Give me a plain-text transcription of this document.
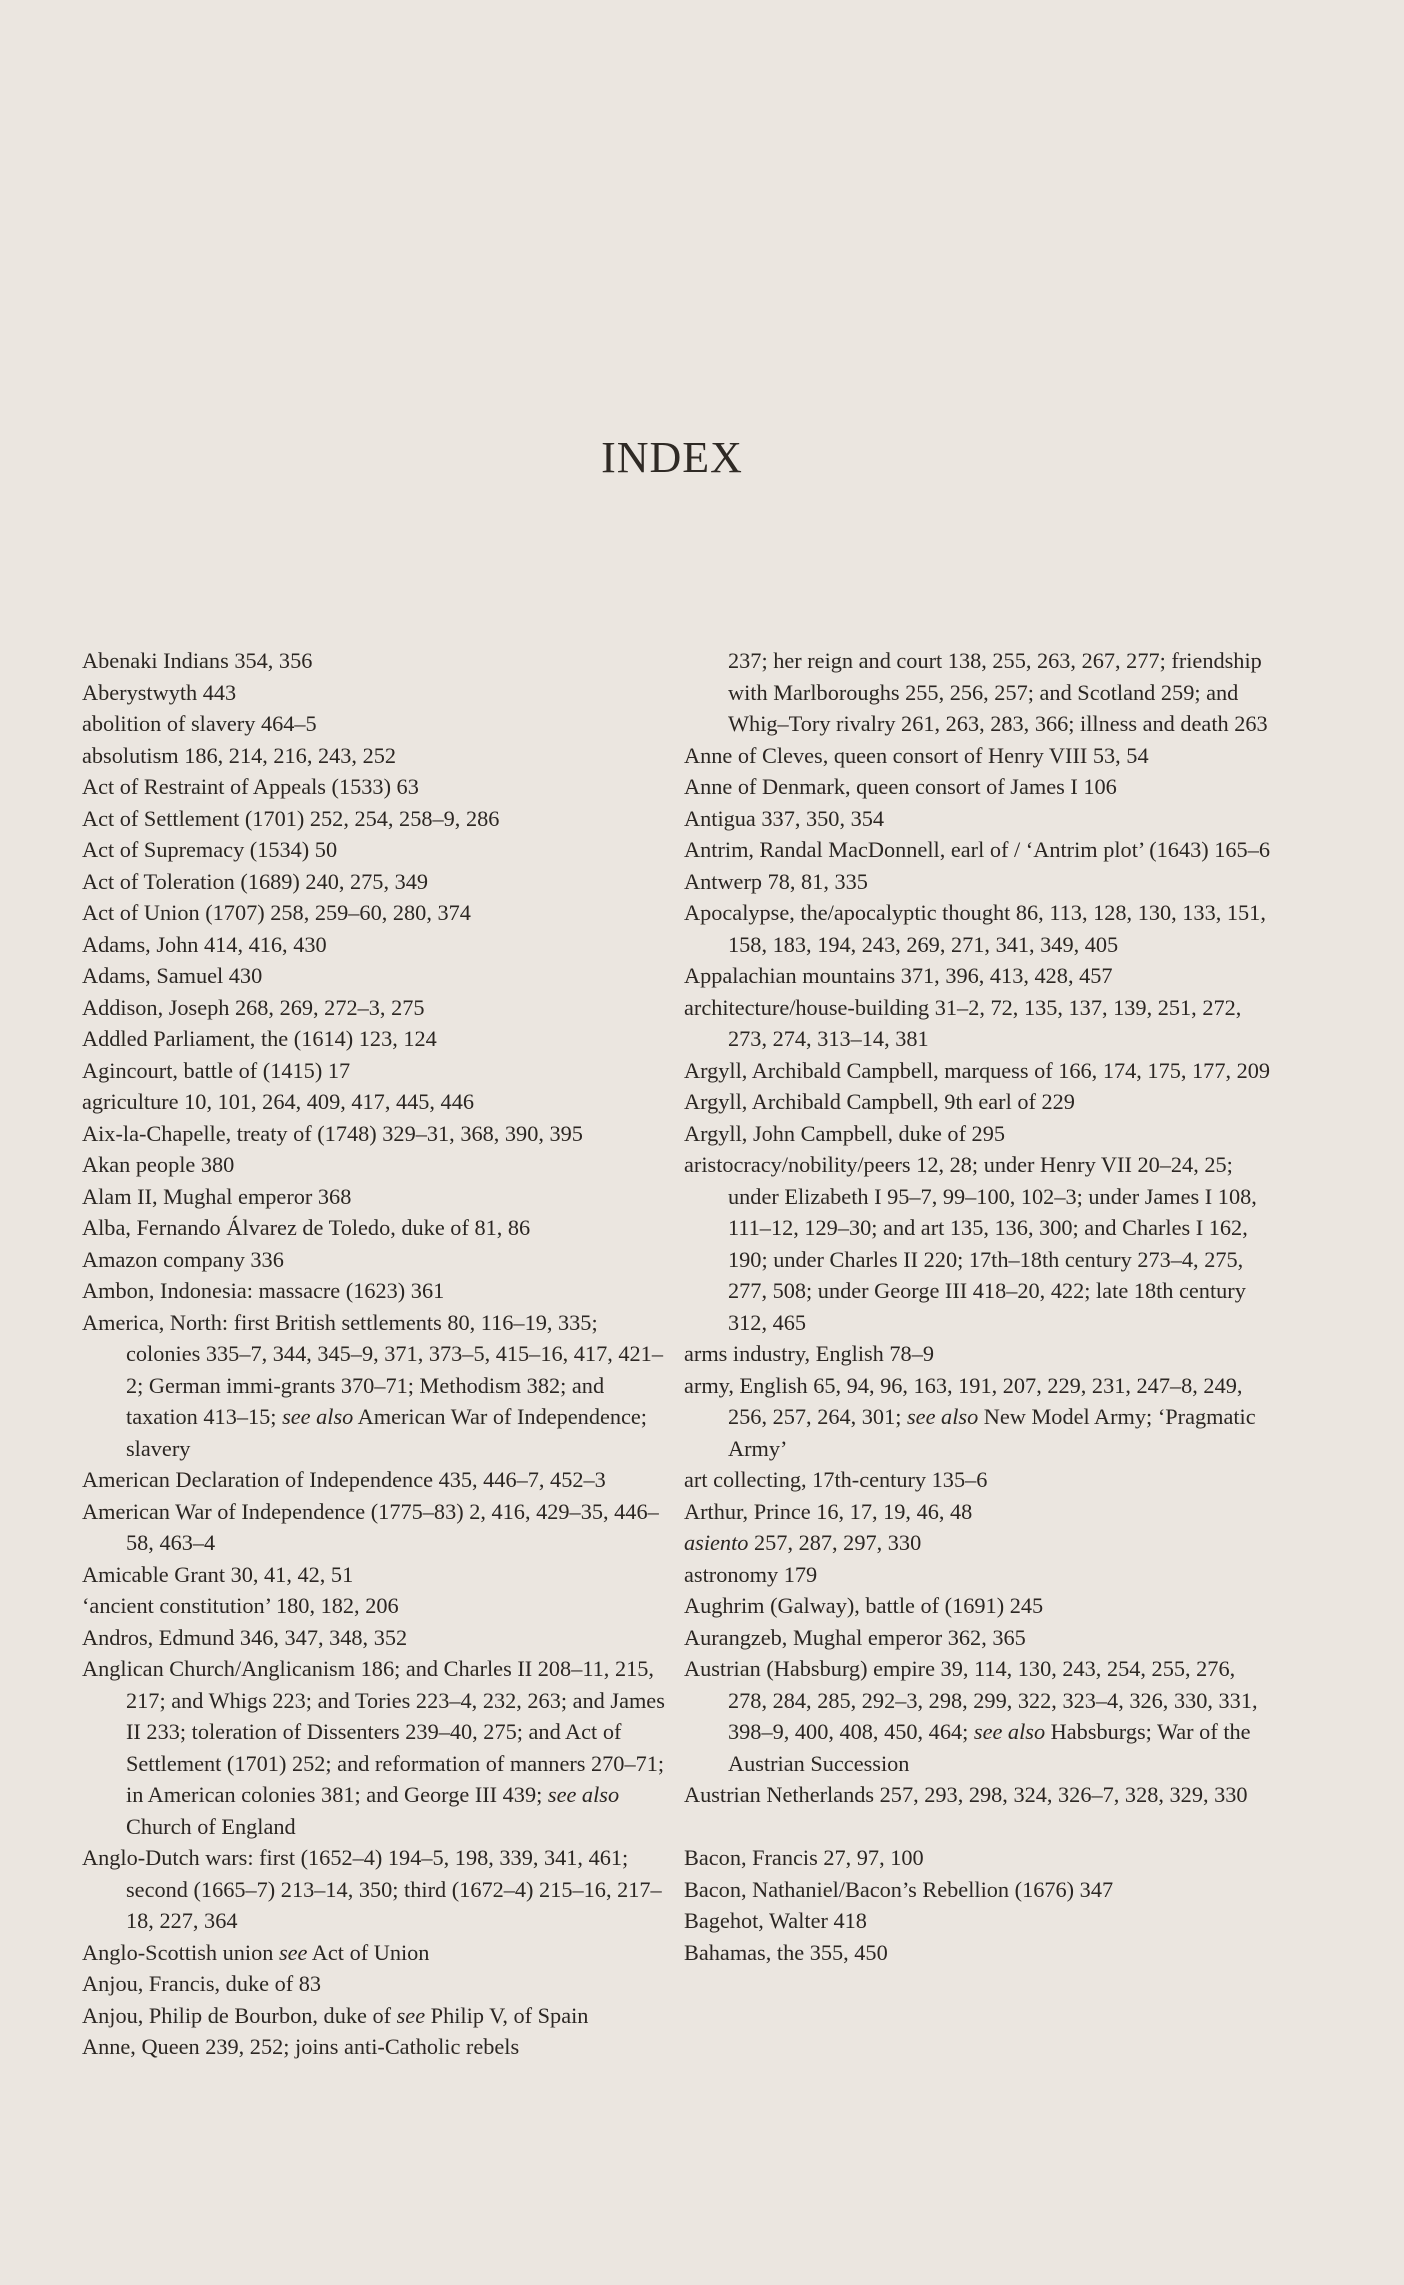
INDEX

Abenaki Indians 354, 356

Aberystwyth 443

abolition of slavery 464–5

absolutism 186, 214, 216, 243, 252

Act of Restraint of Appeals (1533) 63

Act of Settlement (1701) 252, 254, 258–9, 286

Act of Supremacy (1534) 50

Act of Toleration (1689) 240, 275, 349

Act of Union (1707) 258, 259–60, 280, 374

Adams, John 414, 416, 430

Adams, Samuel 430

Addison, Joseph 268, 269, 272–3, 275

Addled Parliament, the (1614) 123, 124

Agincourt, battle of (1415) 17

agriculture 10, 101, 264, 409, 417, 445, 446

Aix-la-Chapelle, treaty of (1748) 329–31, 368, 390, 395

Akan people 380

Alam II, Mughal emperor 368

Alba, Fernando Álvarez de Toledo, duke of 81, 86

Amazon company 336

Ambon, Indonesia: massacre (1623) 361

America, North: first British settlements 80, 116–19, 335; colonies 335–7, 344, 345–9, 371, 373–5, 415–16, 417, 421–2; German immi-grants 370–71; Methodism 382; and taxation 413–15; see also American War of Independence; slavery

American Declaration of Independence 435, 446–7, 452–3

American War of Independence (1775–83) 2, 416, 429–35, 446–58, 463–4

Amicable Grant 30, 41, 42, 51

‘ancient constitution’ 180, 182, 206

Andros, Edmund 346, 347, 348, 352

Anglican Church/Anglicanism 186; and Charles II 208–11, 215, 217; and Whigs 223; and Tories 223–4, 232, 263; and James II 233; toleration of Dissenters 239–40, 275; and Act of Settlement (1701) 252; and reformation of manners 270–71; in American colonies 381; and George III 439; see also Church of England

Anglo-Dutch wars: first (1652–4) 194–5, 198, 339, 341, 461; second (1665–7) 213–14, 350; third (1672–4) 215–16, 217–18, 227, 364

Anglo-Scottish union see Act of Union

Anjou, Francis, duke of 83

Anjou, Philip de Bourbon, duke of see Philip V, of Spain

Anne, Queen 239, 252; joins anti-Catholic rebels

237; her reign and court 138, 255, 263, 267, 277; friendship with Marlboroughs 255, 256, 257; and Scotland 259; and Whig–Tory rivalry 261, 263, 283, 366; illness and death 263

Anne of Cleves, queen consort of Henry VIII 53, 54

Anne of Denmark, queen consort of James I 106

Antigua 337, 350, 354

Antrim, Randal MacDonnell, earl of / ‘Antrim plot’ (1643) 165–6

Antwerp 78, 81, 335

Apocalypse, the/apocalyptic thought 86, 113, 128, 130, 133, 151, 158, 183, 194, 243, 269, 271, 341, 349, 405

Appalachian mountains 371, 396, 413, 428, 457

architecture/house-building 31–2, 72, 135, 137, 139, 251, 272, 273, 274, 313–14, 381

Argyll, Archibald Campbell, marquess of 166, 174, 175, 177, 209

Argyll, Archibald Campbell, 9th earl of 229

Argyll, John Campbell, duke of 295

aristocracy/nobility/peers 12, 28; under Henry VII 20–24, 25; under Elizabeth I 95–7, 99–100, 102–3; under James I 108, 111–12, 129–30; and art 135, 136, 300; and Charles I 162, 190; under Charles II 220; 17th–18th century 273–4, 275, 277, 508; under George III 418–20, 422; late 18th century 312, 465

arms industry, English 78–9

army, English 65, 94, 96, 163, 191, 207, 229, 231, 247–8, 249, 256, 257, 264, 301; see also New Model Army; ‘Pragmatic Army’

art collecting, 17th-century 135–6

Arthur, Prince 16, 17, 19, 46, 48

asiento 257, 287, 297, 330

astronomy 179

Aughrim (Galway), battle of (1691) 245

Aurangzeb, Mughal emperor 362, 365

Austrian (Habsburg) empire 39, 114, 130, 243, 254, 255, 276, 278, 284, 285, 292–3, 298, 299, 322, 323–4, 326, 330, 331, 398–9, 400, 408, 450, 464; see also Habsburgs; War of the Austrian Succession

Austrian Netherlands 257, 293, 298, 324, 326–7, 328, 329, 330

Bacon, Francis 27, 97, 100

Bacon, Nathaniel/Bacon’s Rebellion (1676) 347

Bagehot, Walter 418

Bahamas, the 355, 450
